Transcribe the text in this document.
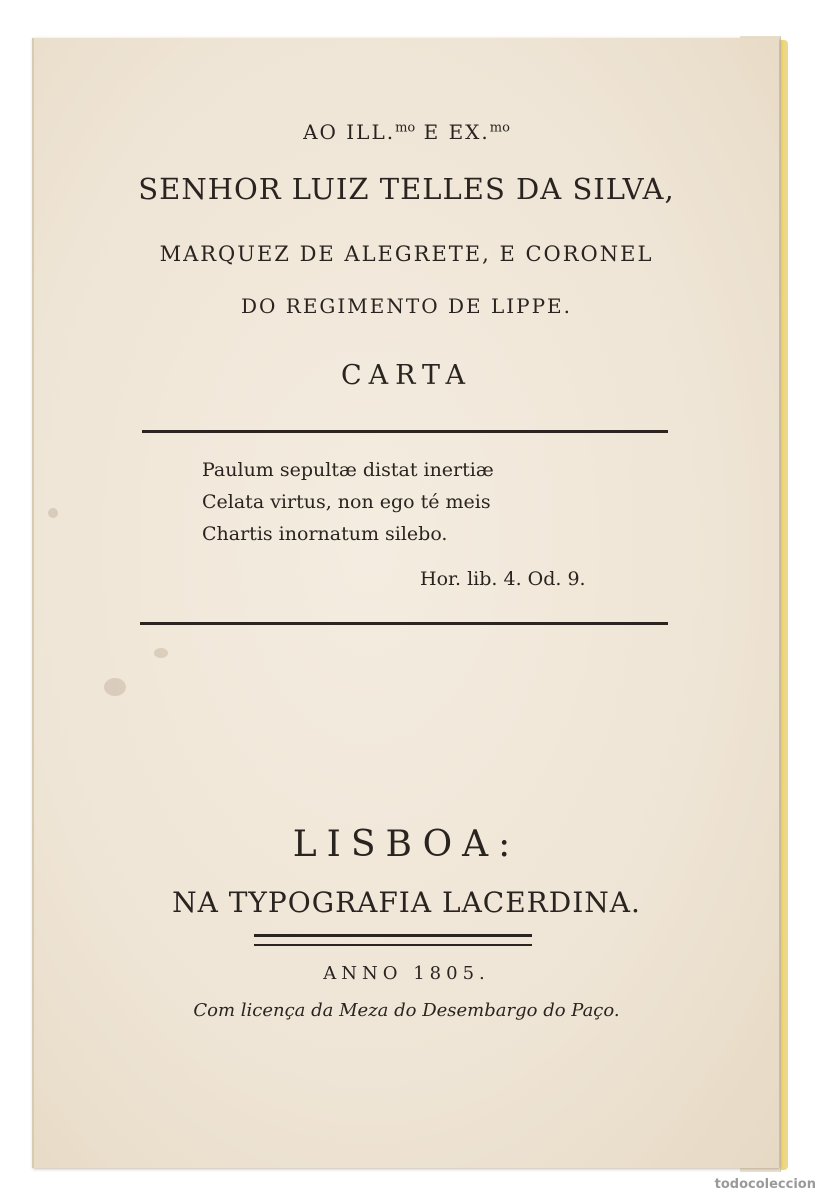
AO ILL.$^{mo}$ E EX.$^{mo}$
SENHOR LUIZ TELLES DA SILVA,
MARQUEZ DE ALEGRETE, E CORONEL
DO REGIMENTO DE LIPPE.
CARTA
Paulum sepultæ distat inertiæ
Celata virtus, non ego té meis
Chartis inornatum silebo.
Hor. lib. 4. Od. 9.
LISBOA:
NA TYPOGRAFIA LACERDINA.
ANNO 1805.
Com licença da Meza do Desembargo do Paço.
todocoleccion
